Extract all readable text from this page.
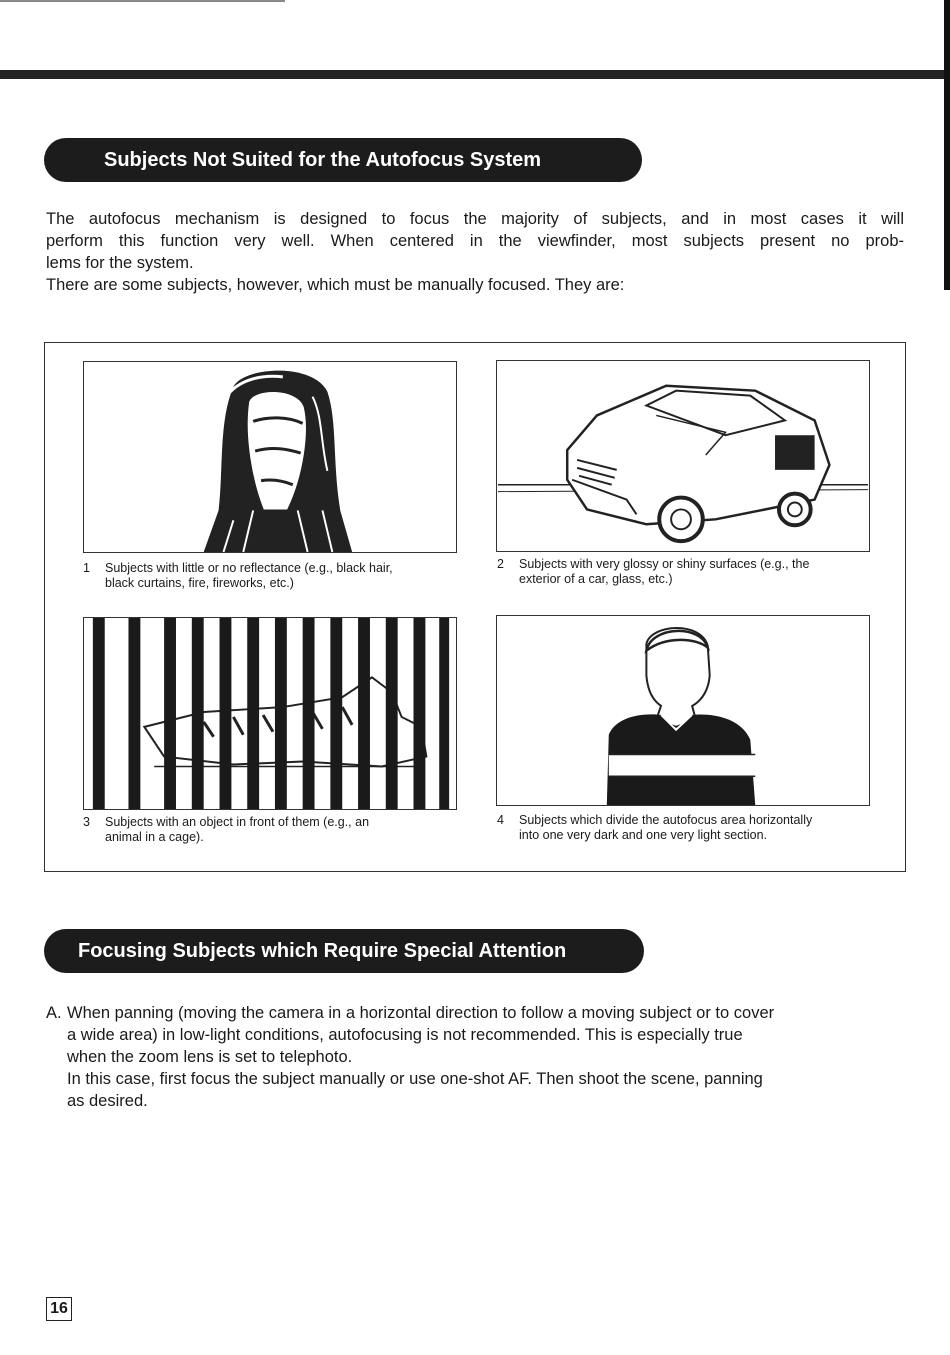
Subjects Not Suited for the Autofocus System

The autofocus mechanism is designed to focus the majority of subjects, and in most cases it will

perform this function very well. When centered in the viewfinder, most subjects present no prob-

lems for the system.

There are some subjects, however, which must be manually focused. They are:

1 Subjects with little or no reflectance (e.g., black hair,
black curtains, fire, fireworks, etc.)
2 Subjects with very glossy or shiny surfaces (e.g., the
exterior of a car, glass, etc.)
3 Subjects with an object in front of them (e.g., an
animal in a cage).
4 Subjects which divide the autofocus area horizontally
into one very dark and one very light section.
Focusing Subjects which Require Special Attention
A. When panning (moving the camera in a horizontal direction to follow a moving subject or to cover

a wide area) in low-light conditions, autofocusing is not recommended. This is especially true

when the zoom lens is set to telephoto.

In this case, first focus the subject manually or use one-shot AF. Then shoot the scene, panning

as desired.

16
